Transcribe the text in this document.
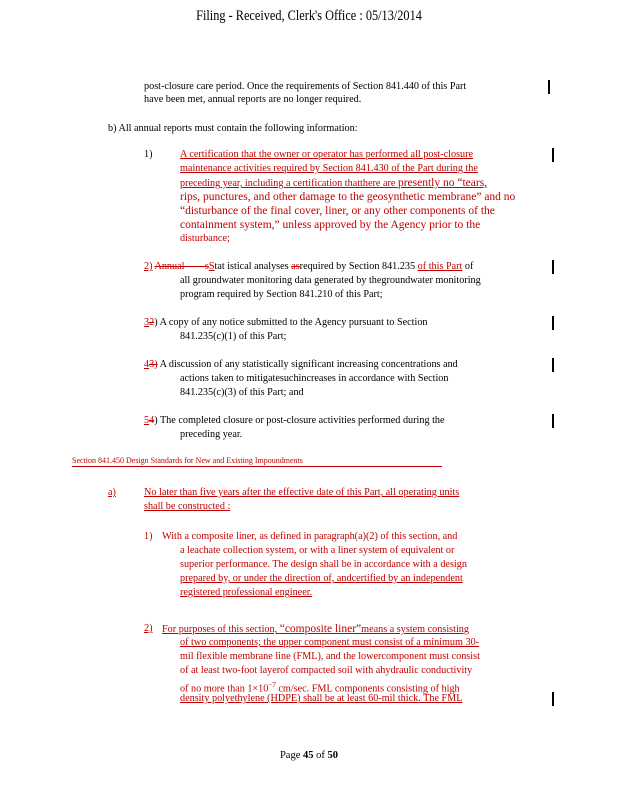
Filing - Received, Clerk's Office : 05/13/2014
post-closure care period. Once the requirements of Section 841.440 of this Part
have been met, annual reports are no longer required.
b) All annual reports must contain the following information:
1)	A certification that the owner or operator has performed all post-closure
maintenance activities required by Section 841.430 of the Part during the
preceding year, including a certification thatthere are presently no “tears,
rips, punctures, and other damage to the geosynthetic membrane” and no
“disturbance of the final cover, liner, or any other components of the
containment system,” unless approved by the Agency prior to the
disturbance;
2) Annual sStat istical analyses asrequired by Section 841.235 of this Part of
all groundwater monitoring data generated by thegroundwater monitoring
program required by Section 841.210 of this Part;
32) A copy of any notice submitted to the Agency pursuant to Section
841.235(c)(1) of this Part;
43) A discussion of any statistically significant increasing concentrations and
actions taken to mitigatesuchincreases in accordance with Section
841.235(c)(3) of this Part; and
54) The completed closure or post-closure activities performed during the
preceding year.
Section 841.450 Design Standards for New and Existing Impoundments
a)	No later than five years after the effective date of this Part, all operating units
shall be constructed :
1) With a composite liner, as defined in paragraph(a)(2) of this section, and
a leachate collection system, or with a liner system of equivalent or
superior performance. The design shall be in accordance with a design
prepared by, or under the direction of, andcertified by an independent
registered professional engineer.
2) For purposes of this section, “composite liner”means a system consisting
of two components; the upper component must consist of a minimum 30-
mil flexible membrane line (FML), and the lowercomponent must consist
of at least two-foot layerof compacted soil with ahydraulic conductivity
of no more than $1\times 10^{-7}$ cm/sec. FML components consisting of high
density polyethylene (HDPE) shall be at least 60-mil thick. The FML
Page 45 of 50
